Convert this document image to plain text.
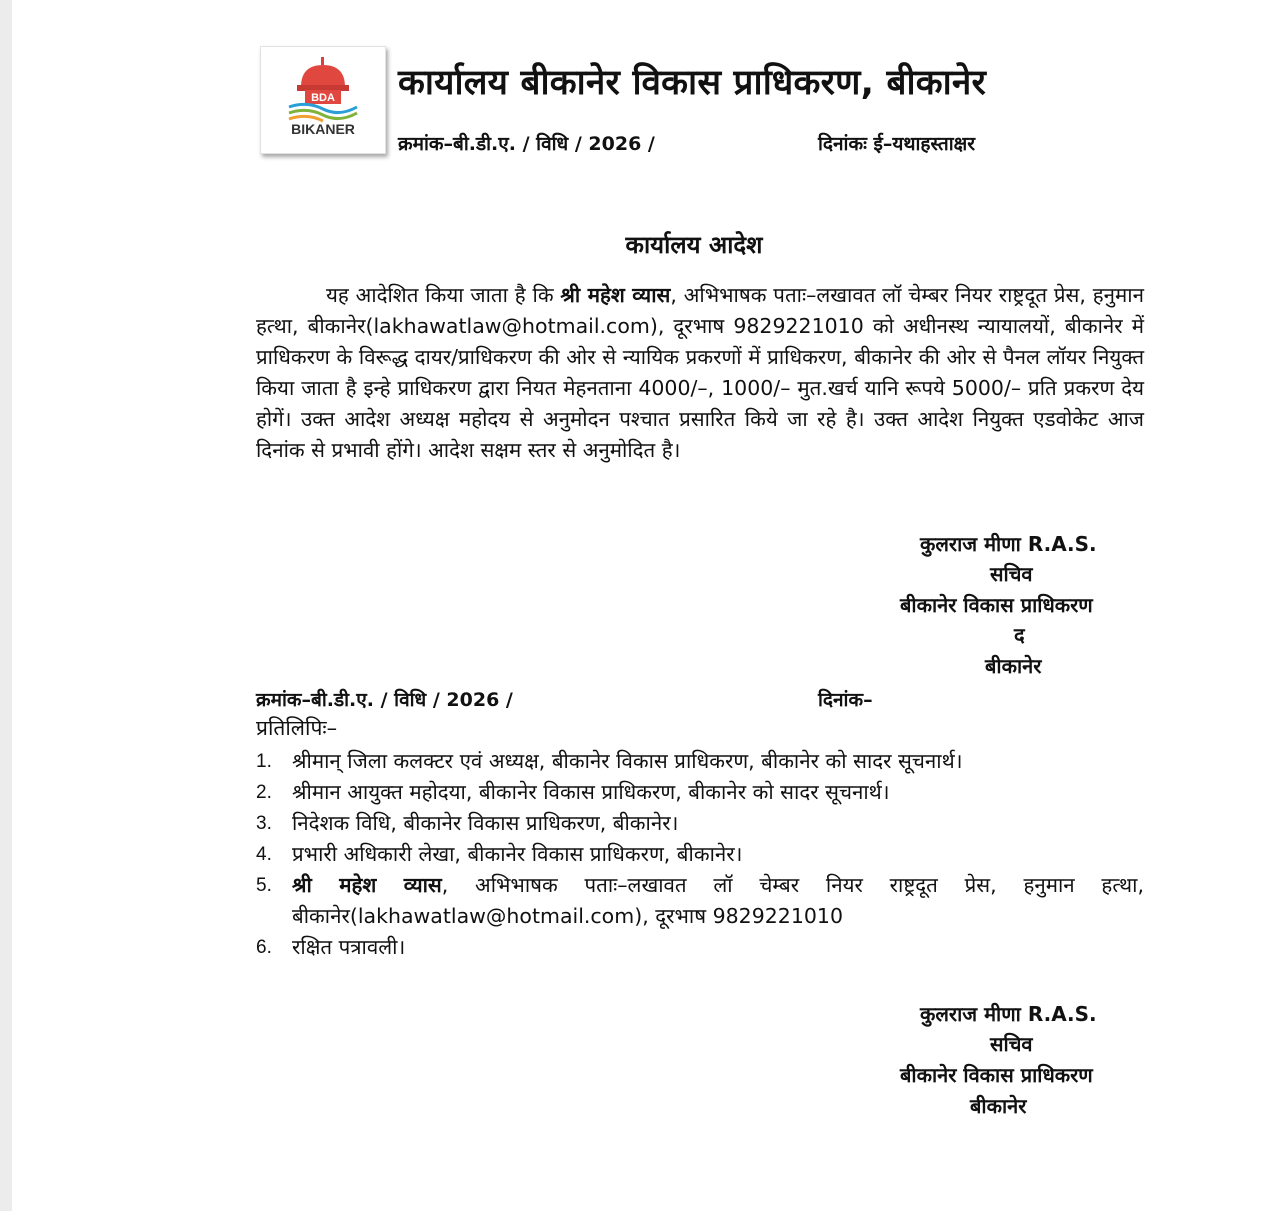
BDA
BIKANER
कार्यालय बीकानेर विकास प्राधिकरण, बीकानेर
क्रमांक–बी.डी.ए. / विधि / 2026 /	दिनांकः ई–यथाहस्ताक्षर
कार्यालय आदेश
यह आदेशित किया जाता है कि श्री महेश व्यास, अभिभाषक पताः–लखावत लॉ चेम्बर नियर राष्ट्रदूत प्रेस, हनुमान हत्था, बीकानेर(lakhawatlaw@hotmail.com), दूरभाष 9829221010 को अधीनस्थ न्यायालयों, बीकानेर में प्राधिकरण के विरूद्ध दायर/प्राधिकरण की ओर से न्यायिक प्रकरणों में प्राधिकरण, बीकानेर की ओर से पैनल लॉयर नियुक्त किया जाता है इन्हे प्राधिकरण द्वारा नियत मेहनताना 4000/–, 1000/– मुत.खर्च यानि रूपये 5000/– प्रति प्रकरण देय होगें। उक्त आदेश अध्यक्ष महोदय से अनुमोदन पश्चात प्रसारित किये जा रहे है। उक्त आदेश नियुक्त एडवोकेट आज दिनांक से प्रभावी होंगे। आदेश सक्षम स्तर से अनुमोदित है।
कुलराज मीणा R.A.S.
सचिव
बीकानेर विकास प्राधिकरण
द
बीकानेर
क्रमांक–बी.डी.ए. / विधि / 2026 /	दिनांक–
प्रतिलिपिः–
1. श्रीमान् जिला कलक्टर एवं अध्यक्ष, बीकानेर विकास प्राधिकरण, बीकानेर को सादर सूचनार्थ।
2. श्रीमान आयुक्त महोदया, बीकानेर विकास प्राधिकरण, बीकानेर को सादर सूचनार्थ।
3. निदेशक विधि, बीकानेर विकास प्राधिकरण, बीकानेर।
4. प्रभारी अधिकारी लेखा, बीकानेर विकास प्राधिकरण, बीकानेर।
5. श्री महेश व्यास, अभिभाषक पताः–लखावत लॉ चेम्बर नियर राष्ट्रदूत प्रेस, हनुमान हत्था, बीकानेर(lakhawatlaw@hotmail.com), दूरभाष 9829221010
6. रक्षित पत्रावली।
कुलराज मीणा R.A.S.
सचिव
बीकानेर विकास प्राधिकरण
बीकानेर
